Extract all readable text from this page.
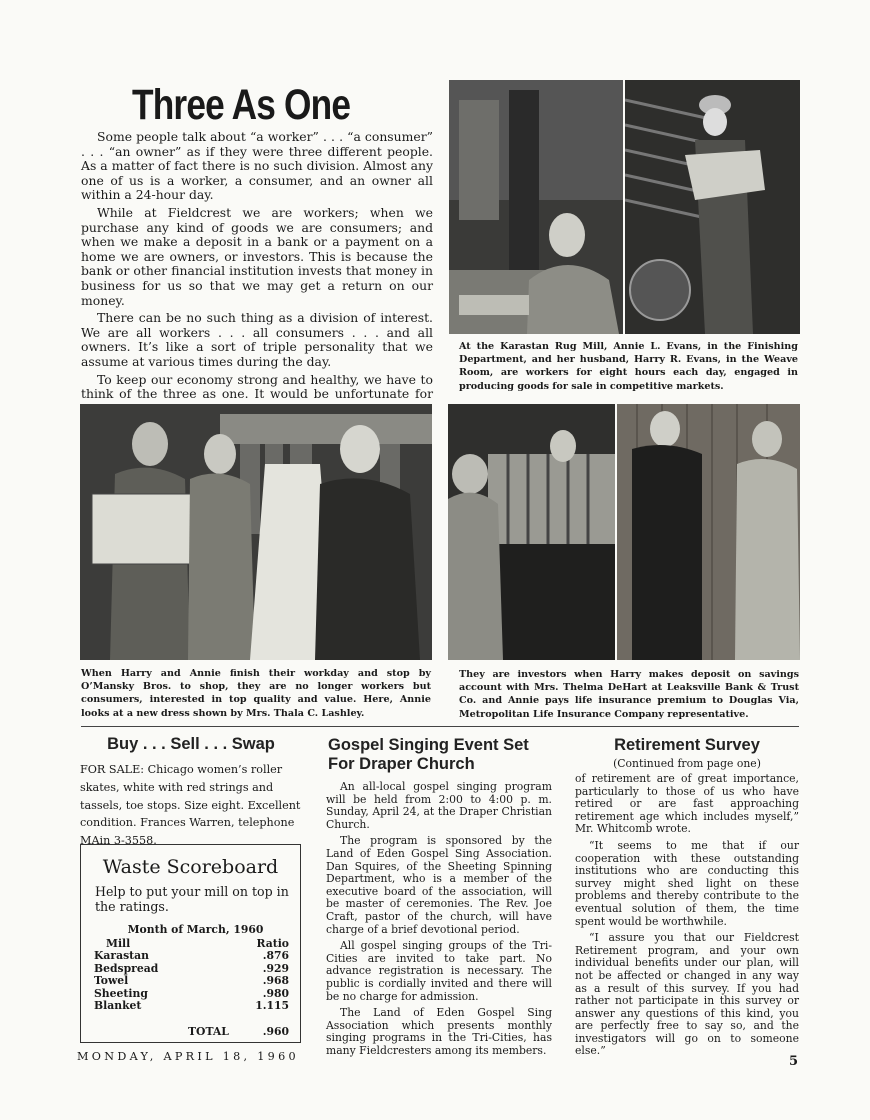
Three As One

Some people talk about “a worker” . . . “a consumer” . . . “an owner” as if they were three different people. As a matter of fact there is no such division. Almost any one of us is a worker, a consumer, and an owner all within a 24-hour day.

While at Fieldcrest we are workers; when we purchase any kind of goods we are consumers; and when we make a deposit in a bank or a payment on a home we are owners, or investors. This is because the bank or other financial institution invests that money in business for us so that we may get a return on our money.

There can be no such thing as a division of interest. We are all workers . . . all consumers . . . and all owners. It’s like a sort of triple personality that we assume at various times during the day.

To keep our economy strong and healthy, we have to think of the three as one. It would be unfortunate for

At the Karastan Rug Mill, Annie L. Evans, in the Finishing Department, and her husband, Harry R. Evans, in the Weave Room, are workers for eight hours each day, engaged in producing goods for sale in competitive markets.
When Harry and Annie finish their workday and stop by O’Mansky Bros. to shop, they are no longer workers but consumers, interested in top quality and value. Here, Annie looks at a new dress shown by Mrs. Thala C. Lashley.
They are investors when Harry makes deposit on savings account with Mrs. Thelma DeHart at Leaksville Bank & Trust Co. and Annie pays life insurance premium to Douglas Via, Metropolitan Life Insurance Company representative.
Buy . . . Sell . . . Swap
FOR SALE: Chicago women’s roller skates, white with red strings and tassels, toe stops. Size eight. Excellent condition. Frances Warren, telephone MAin 3-3558.
Waste Scoreboard
Help to put your mill on top in the ratings.
Month of March, 1960
Mill	Ratio
Karastan	.876
Bedspread	.929
Towel	.968
Sheeting	.980
Blanket	1.115
TOTAL	.960
Gospel Singing Event Set For Draper Church

An all-local gospel singing program will be held from 2:00 to 4:00 p. m. Sunday, April 24, at the Draper Christian Church.

The program is sponsored by the Land of Eden Gospel Sing Association. Dan Squires, of the Sheeting Spinning Department, who is a member of the executive board of the association, will be master of ceremonies. The Rev. Joe Craft, pastor of the church, will have charge of a brief devotional period.

All gospel singing groups of the Tri-Cities are invited to take part. No advance registration is necessary. The public is cordially invited and there will be no charge for admission.

The Land of Eden Gospel Sing Association which presents monthly singing programs in the Tri-Cities, has many Fieldcresters among its members.

Retirement Survey
(Continued from page one)

of retirement are of great importance, particularly to those of us who have retired or are fast approaching retirement age which includes myself,” Mr. Whitcomb wrote.

“It seems to me that if our cooperation with these outstanding institutions who are conducting this survey might shed light on these problems and thereby contribute to the eventual solution of them, the time spent would be worthwhile.

“I assure you that our Fieldcrest Retirement program, and your own individual benefits under our plan, will not be affected or changed in any way as a result of this survey. If you had rather not participate in this survey or answer any questions of this kind, you are perfectly free to say so, and the investigators will go on to someone else.”

MONDAY, APRIL 18, 1960	5
